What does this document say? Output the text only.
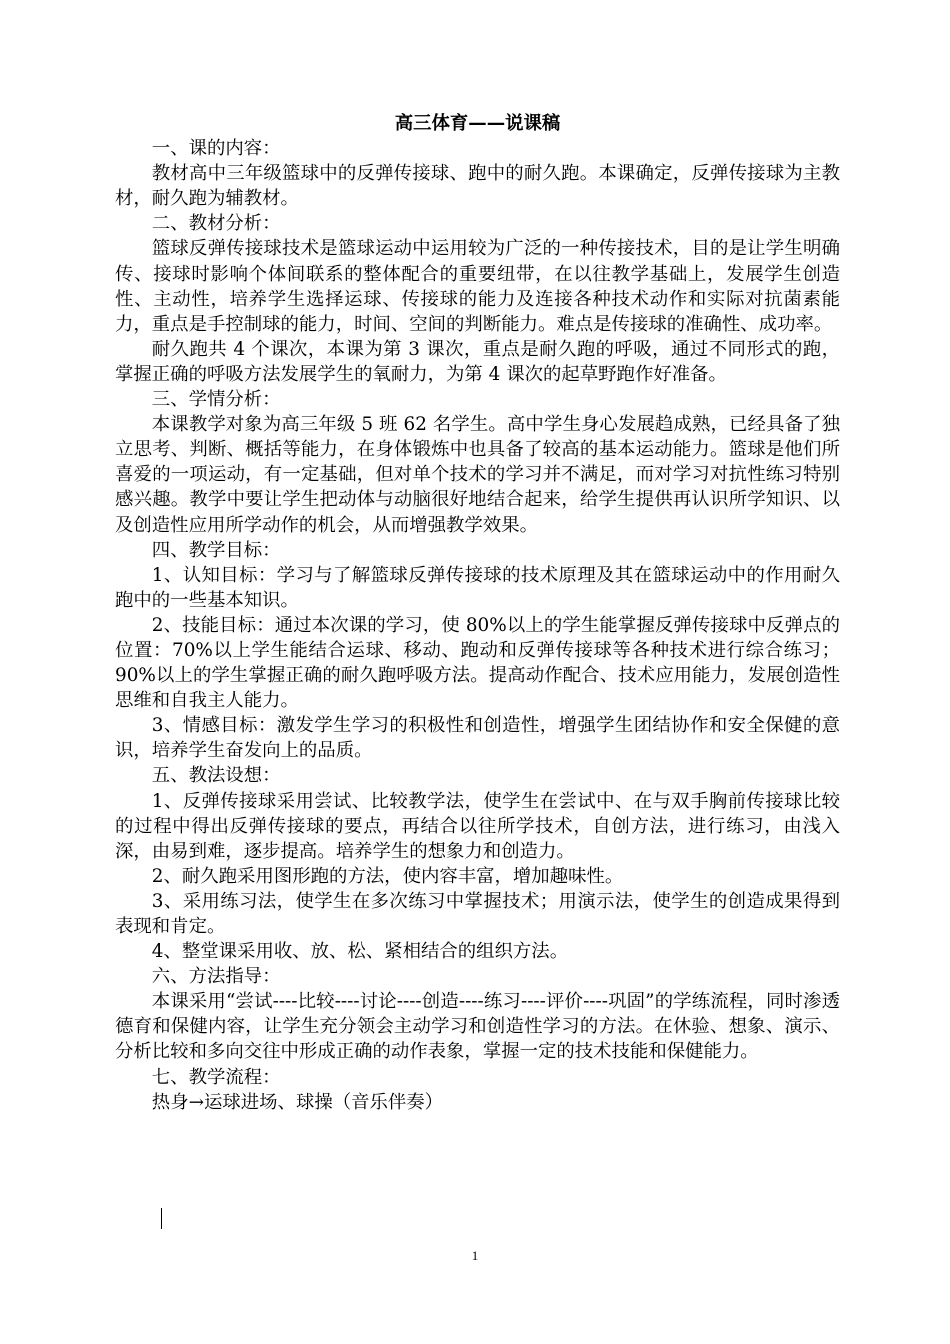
高三体育——说课稿

一、课的内容：

教材高中三年级篮球中的反弹传接球、跑中的耐久跑。本课确定，反弹传接球为主教材，耐久跑为辅教材。

二、教材分析：

篮球反弹传接球技术是篮球运动中运用较为广泛的一种传接技术，目的是让学生明确传、接球时影响个体间联系的整体配合的重要纽带，在以往教学基础上，发展学生创造性、主动性，培养学生选择运球、传接球的能力及连接各种技术动作和实际对抗菌素能力，重点是手控制球的能力，时间、空间的判断能力。难点是传接球的准确性、成功率。

耐久跑共 4 个课次，本课为第 3 课次，重点是耐久跑的呼吸，通过不同形式的跑，掌握正确的呼吸方法发展学生的氧耐力，为第 4 课次的起草野跑作好准备。

三、学情分析：

本课教学对象为高三年级 5 班 62 名学生。高中学生身心发展趋成熟，已经具备了独立思考、判断、概括等能力，在身体锻炼中也具备了较高的基本运动能力。篮球是他们所喜爱的一项运动，有一定基础，但对单个技术的学习并不满足，而对学习对抗性练习特别感兴趣。教学中要让学生把动体与动脑很好地结合起来，给学生提供再认识所学知识、以及创造性应用所学动作的机会，从而增强教学效果。

四、教学目标：

1、认知目标：学习与了解篮球反弹传接球的技术原理及其在篮球运动中的作用耐久跑中的一些基本知识。

2、技能目标：通过本次课的学习，使 80%以上的学生能掌握反弹传接球中反弹点的位置：70%以上学生能结合运球、移动、跑动和反弹传接球等各种技术进行综合练习；90%以上的学生掌握正确的耐久跑呼吸方法。提高动作配合、技术应用能力，发展创造性思维和自我主人能力。

3、情感目标：激发学生学习的积极性和创造性，增强学生团结协作和安全保健的意识，培养学生奋发向上的品质。

五、教法设想：

1、反弹传接球采用尝试、比较教学法，使学生在尝试中、在与双手胸前传接球比较的过程中得出反弹传接球的要点，再结合以往所学技术，自创方法，进行练习，由浅入深，由易到难，逐步提高。培养学生的想象力和创造力。

2、耐久跑采用图形跑的方法，使内容丰富，增加趣味性。

3、采用练习法，使学生在多次练习中掌握技术；用演示法，使学生的创造成果得到表现和肯定。

4、整堂课采用收、放、松、紧相结合的组织方法。

六、方法指导：

本课采用“尝试----比较----讨论----创造----练习----评价----巩固”的学练流程，同时渗透德育和保健内容，让学生充分领会主动学习和创造性学习的方法。在休验、想象、演示、分析比较和多向交往中形成正确的动作表象，掌握一定的技术技能和保健能力。

七、教学流程：

热身→运球进场、球操（音乐伴奏）

1
